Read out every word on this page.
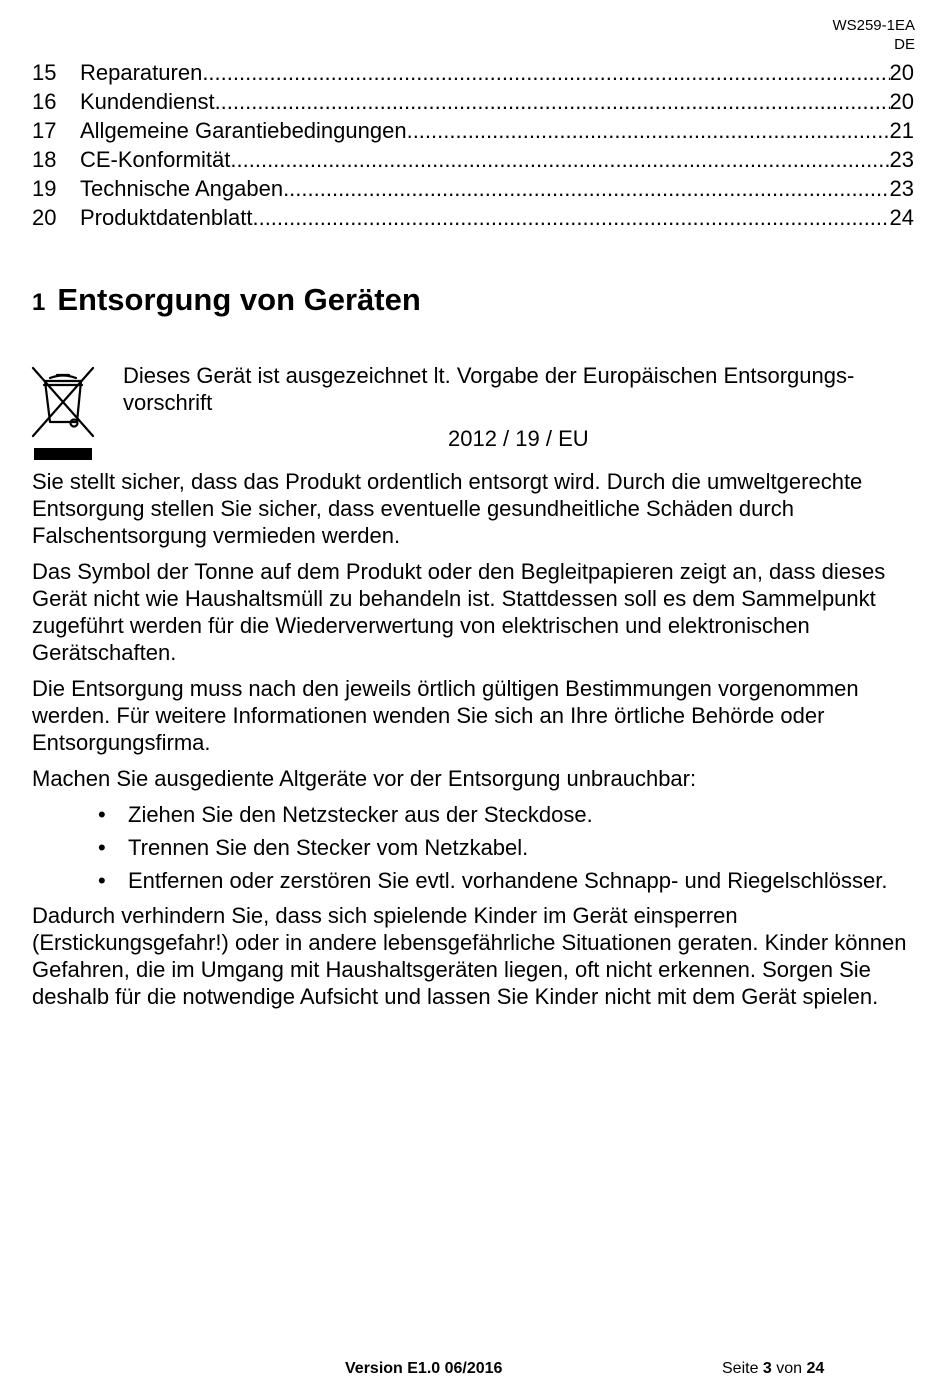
WS259-1EA
DE
15	Reparaturen .....	20
16	Kundendienst .....	20
17	Allgemeine Garantiebedingungen .....	21
18	CE-Konformität .....	23
19	Technische Angaben .....	23
20	Produktdatenblatt .....	24
1 Entsorgung von Geräten
Dieses Gerät ist ausgezeichnet lt. Vorgabe der Europäischen Entsorgungs-vorschrift
2012 / 19 / EU

Sie stellt sicher, dass das Produkt ordentlich entsorgt wird. Durch die umweltgerechte Entsorgung stellen Sie sicher, dass eventuelle gesundheitliche Schäden durch Falschentsorgung vermieden werden.

Das Symbol der Tonne auf dem Produkt oder den Begleitpapieren zeigt an, dass dieses Gerät nicht wie Haushaltsmüll zu behandeln ist. Stattdessen soll es dem Sammelpunkt zugeführt werden für die Wiederverwertung von elektrischen und elektronischen Gerätschaften.

Die Entsorgung muss nach den jeweils örtlich gültigen Bestimmungen vorgenommen werden. Für weitere Informationen wenden Sie sich an Ihre örtliche Behörde oder Entsorgungsfirma.

Machen Sie ausgediente Altgeräte vor der Entsorgung unbrauchbar:

• Ziehen Sie den Netzstecker aus der Steckdose.
• Trennen Sie den Stecker vom Netzkabel.
• Entfernen oder zerstören Sie evtl. vorhandene Schnapp- und Riegelschlösser.

Dadurch verhindern Sie, dass sich spielende Kinder im Gerät einsperren (Erstickungsgefahr!) oder in andere lebensgefährliche Situationen geraten. Kinder können Gefahren, die im Umgang mit Haushaltsgeräten liegen, oft nicht erkennen. Sorgen Sie deshalb für die notwendige Aufsicht und lassen Sie Kinder nicht mit dem Gerät spielen.

Version E1.0 06/2016	Seite 3 von 24
